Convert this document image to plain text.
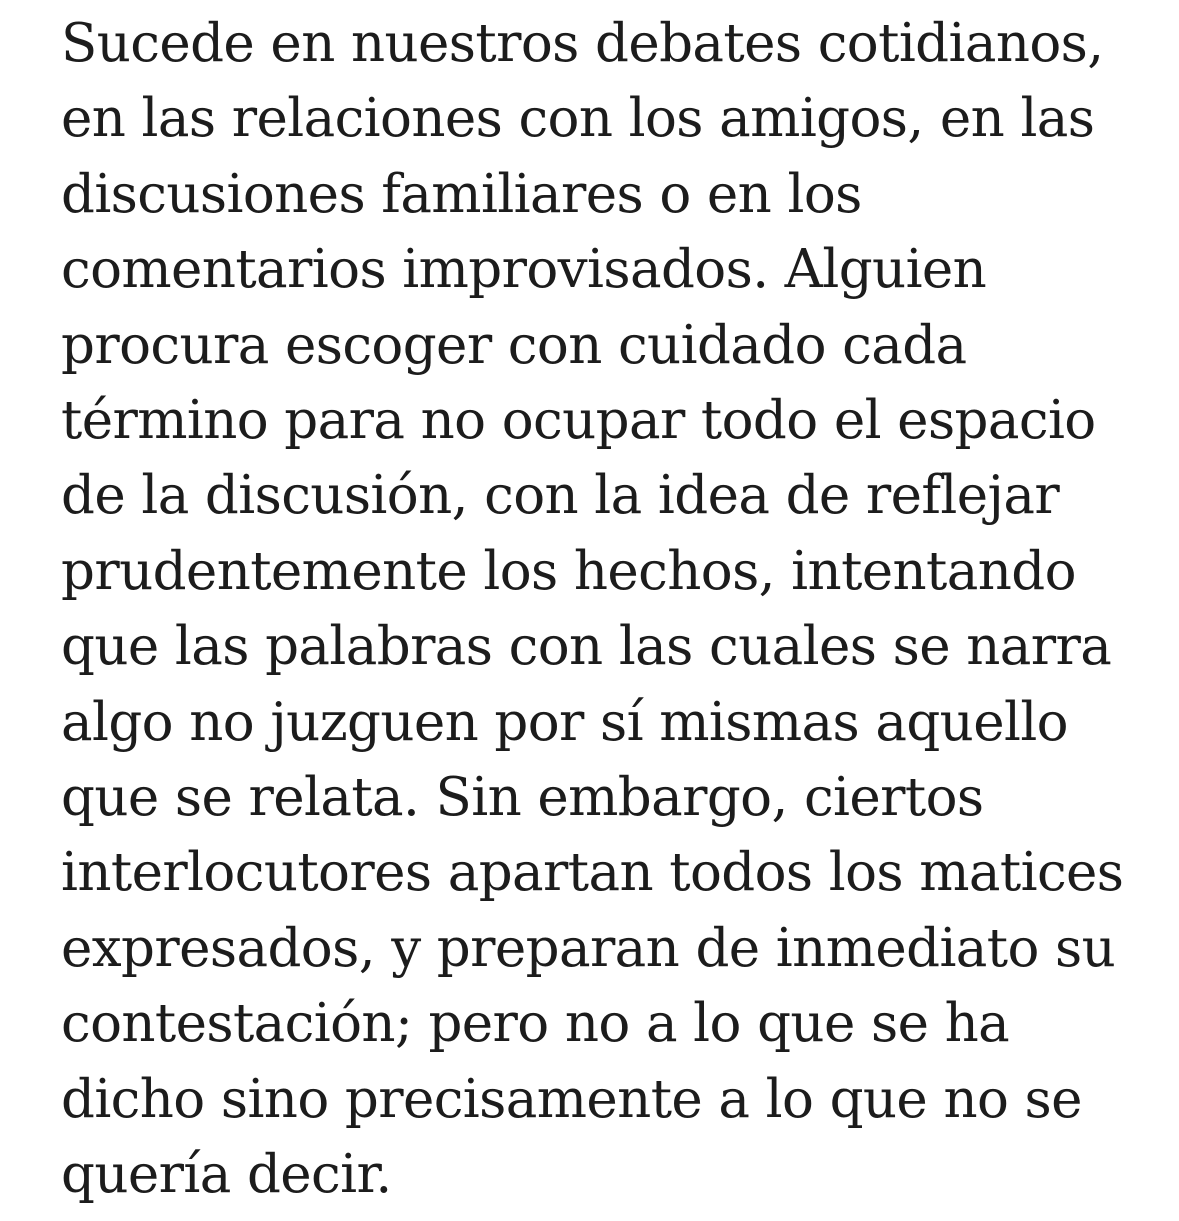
Sucede en nuestros debates cotidianos,
en las relaciones con los amigos, en las
discusiones familiares o en los
comentarios improvisados. Alguien
procura escoger con cuidado cada
término para no ocupar todo el espacio
de la discusión, con la idea de reflejar
prudentemente los hechos, intentando
que las palabras con las cuales se narra
algo no juzguen por sí mismas aquello
que se relata. Sin embargo, ciertos
interlocutores apartan todos los matices
expresados, y preparan de inmediato su
contestación; pero no a lo que se ha
dicho sino precisamente a lo que no se
quería decir.
